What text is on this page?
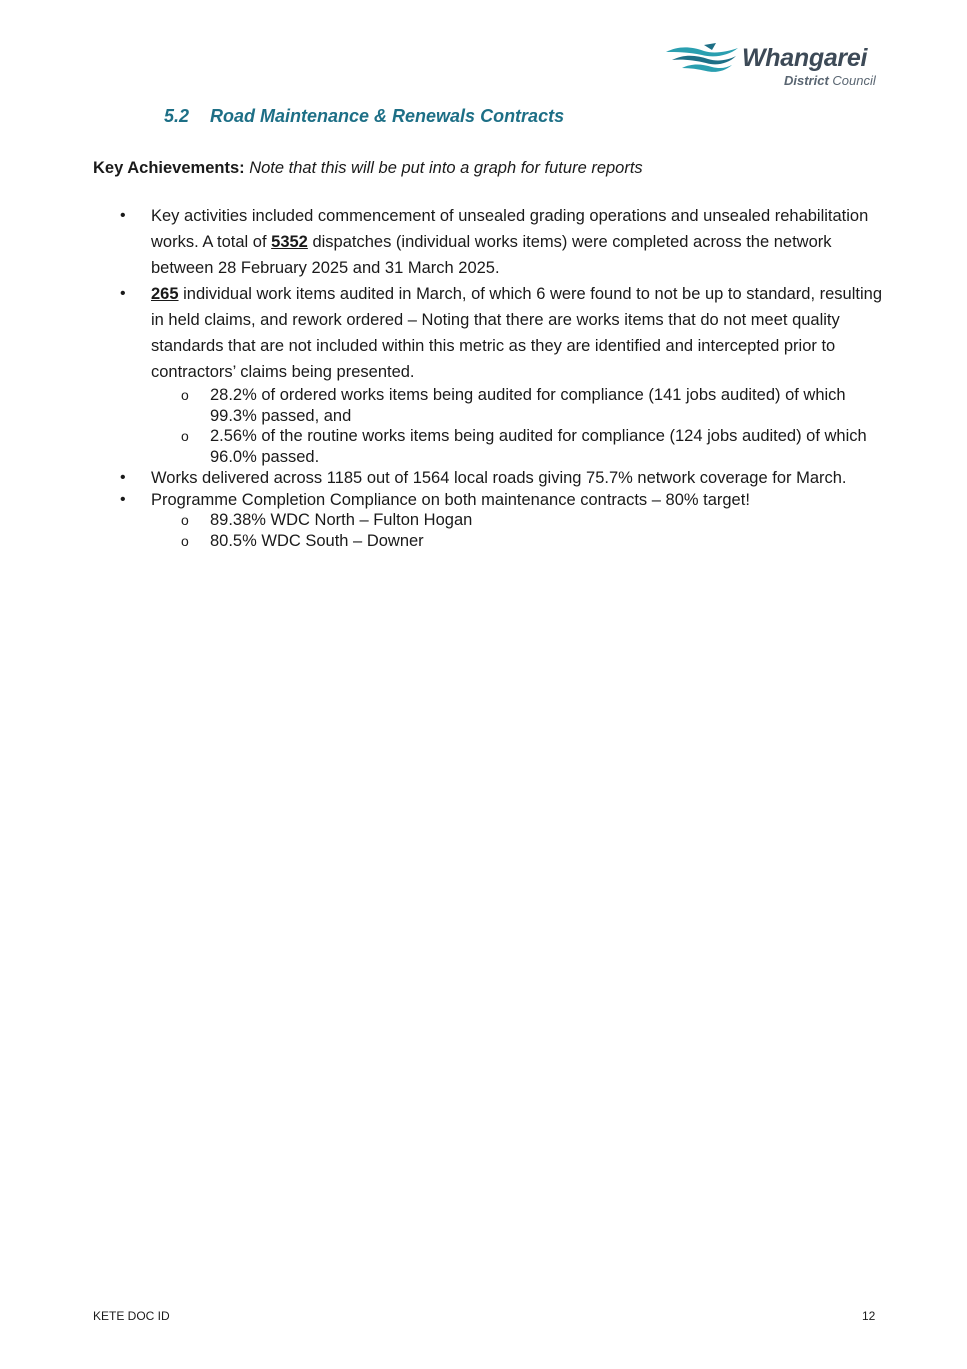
Whangarei
District Council
5.2 Road Maintenance & Renewals Contracts
Key Achievements: Note that this will be put into a graph for future reports
• Key activities included commencement of unsealed grading operations and unsealed rehabilitation works. A total of 5352 dispatches (individual works items) were completed across the network between 28 February 2025 and 31 March 2025.
• 265 individual work items audited in March, of which 6 were found to not be up to standard, resulting in held claims, and rework ordered – Noting that there are works items that do not meet quality standards that are not included within this metric as they are identified and intercepted prior to contractors’ claims being presented.
o 28.2% of ordered works items being audited for compliance (141 jobs audited) of which 99.3% passed, and
o 2.56% of the routine works items being audited for compliance (124 jobs audited) of which 96.0% passed.
• Works delivered across 1185 out of 1564 local roads giving 75.7% network coverage for March.
• Programme Completion Compliance on both maintenance contracts – 80% target!
o 89.38% WDC North – Fulton Hogan
o 80.5% WDC South – Downer
KETE DOC ID	12
